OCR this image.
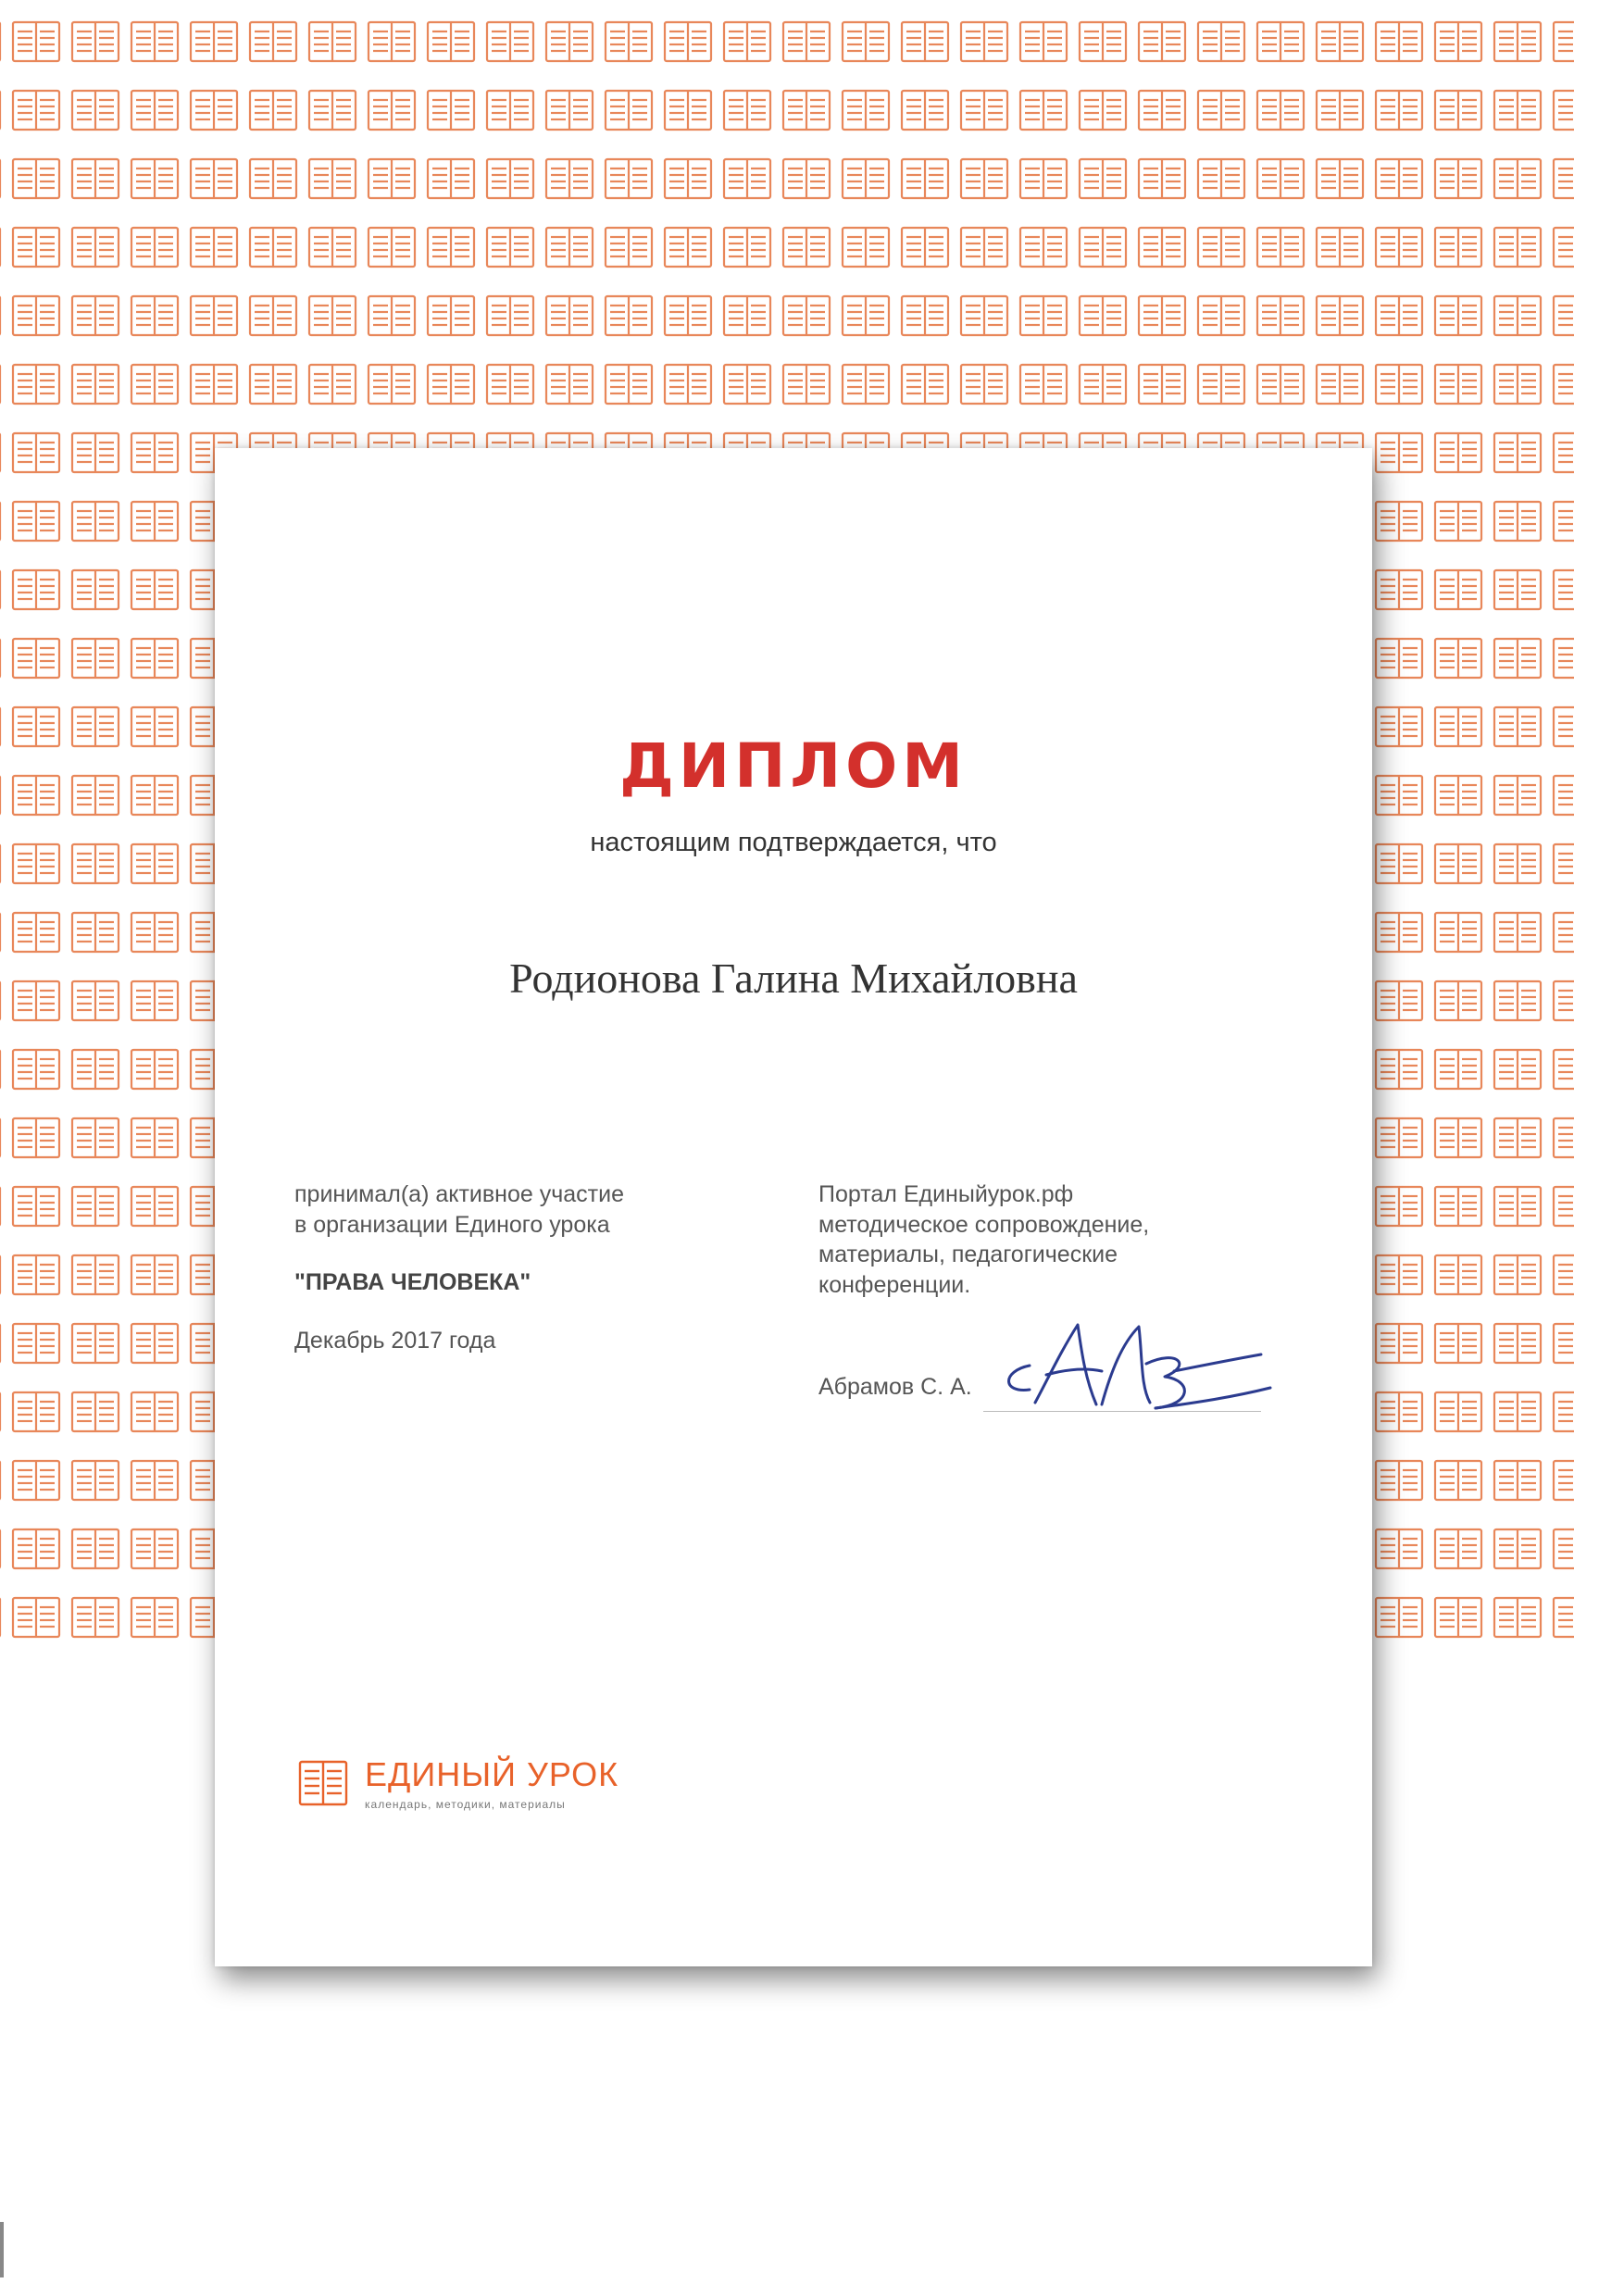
ДИПЛОМ
настоящим подтверждается, что
Родионова Галина Михайловна
принимал(а) активное участие
в организации Единого урока
"ПРАВА ЧЕЛОВЕКА"
Декабрь 2017 года
Портал Единыйурок.рф
методическое сопровождение,
материалы, педагогические
конференции.
Абрамов С. А.
ЕДИНЫЙ УРОК
календарь, методики, материалы
